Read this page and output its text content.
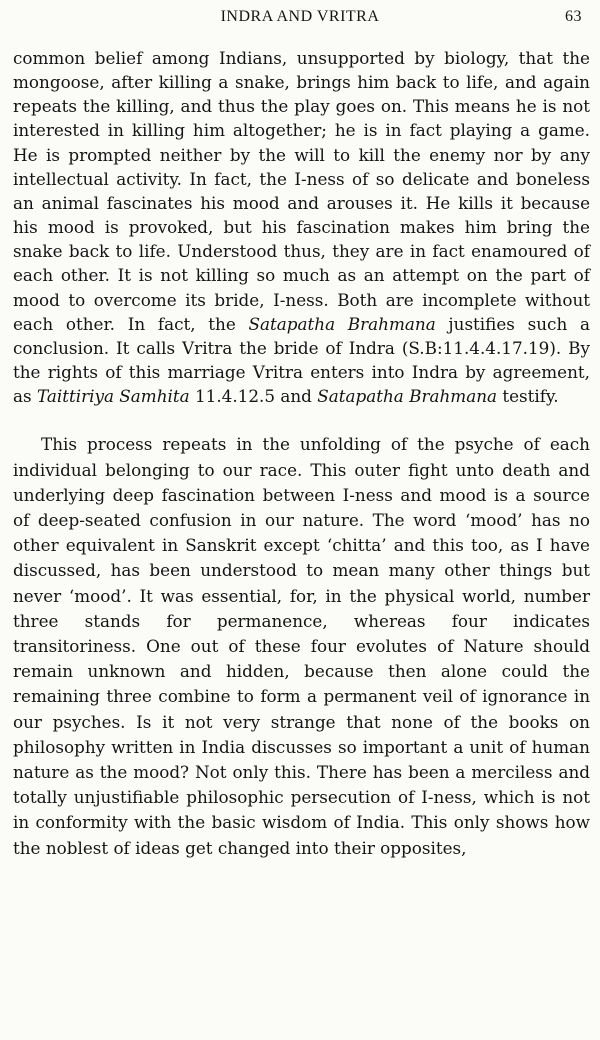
INDRA AND VRITRA	63

common belief among Indians, unsupported by biology, that the mongoose, after killing a snake, brings him back to life, and again repeats the killing, and thus the play goes on. This means he is not interested in killing him altogether; he is in fact playing a game. He is prompted neither by the will to kill the enemy nor by any intellectual activity. In fact, the I-ness of so delicate and boneless an animal fascinates his mood and arouses it. He kills it because his mood is provoked, but his fascination makes him bring the snake back to life. Understood thus, they are in fact enamoured of each other. It is not killing so much as an attempt on the part of mood to overcome its bride, I-ness. Both are incomplete without each other. In fact, the Satapatha Brahmana justifies such a conclusion. It calls Vritra the bride of Indra (S.B:11.4.4.17.19). By the rights of this marriage Vritra enters into Indra by agreement, as Taittiriya Samhita 11.4.12.5 and Satapatha Brahmana testify.

This process repeats in the unfolding of the psyche of each individual belonging to our race. This outer fight unto death and underlying deep fascination between I-ness and mood is a source of deep-seated confusion in our nature. The word ‘mood’ has no other equivalent in Sanskrit except ‘chitta’ and this too, as I have discussed, has been understood to mean many other things but never ‘mood’. It was essential, for, in the physical world, number three stands for permanence, whereas four indicates transitoriness. One out of these four evolutes of Nature should remain unknown and hidden, because then alone could the remaining three combine to form a permanent veil of ignorance in our psyches. Is it not very strange that none of the books on philosophy written in India discusses so important a unit of human nature as the mood? Not only this. There has been a merciless and totally unjustifiable philosophic persecution of I-ness, which is not in conformity with the basic wisdom of India. This only shows how the noblest of ideas get changed into their opposites,
